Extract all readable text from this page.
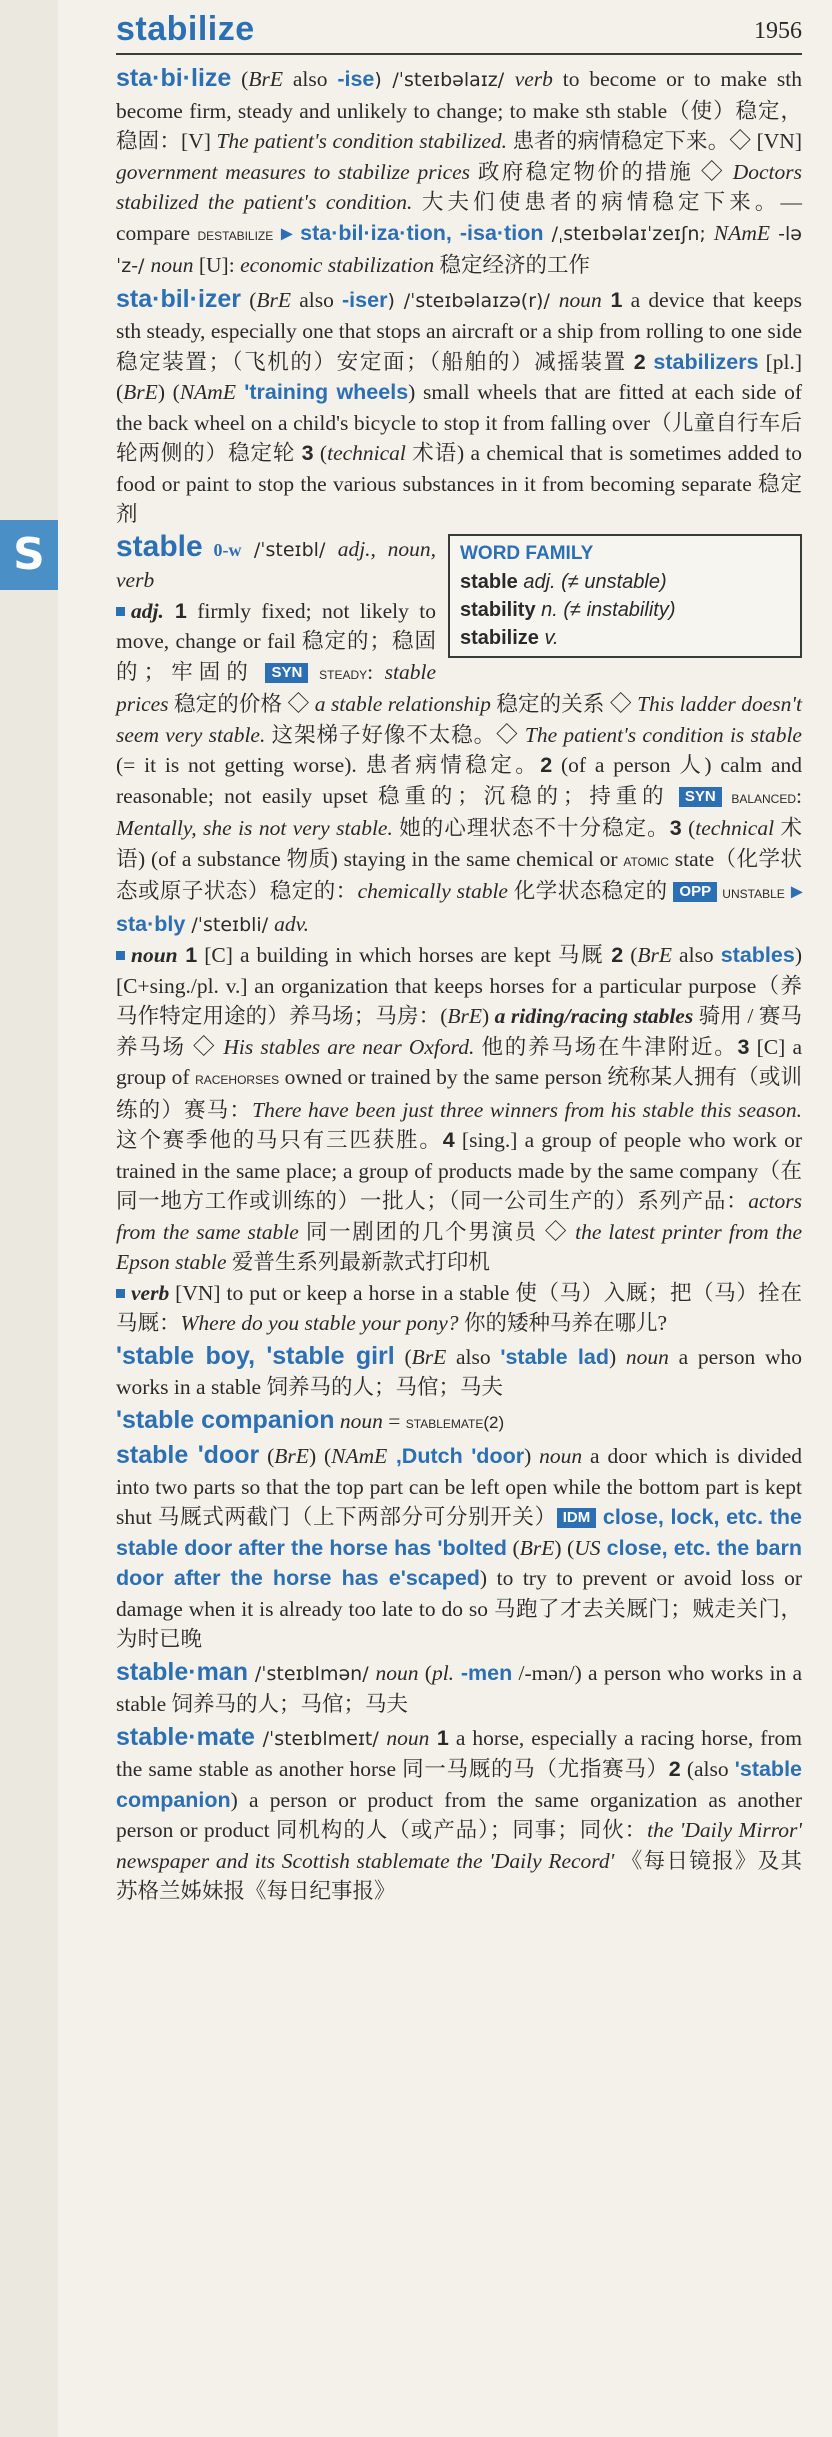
S
stabilize	1956

sta·bi·lize (BrE also -ise) /ˈsteɪbəlaɪz/ verb to become or to make sth become firm, steady and unlikely to change; to make sth stable（使）稳定，稳固：[V] The patient's condition stabilized. 患者的病情稳定下来。◇ [VN] government measures to stabilize prices 政府稳定物价的措施 ◇ Doctors stabilized the patient's condition. 大夫们使患者的病情稳定下来。— compare destabilize ▸ sta·bil·iza·tion, -isa·tion /ˌsteɪbəlaɪˈzeɪʃn; NAmE -ləˈz-/ noun [U]: economic stabilization 稳定经济的工作

sta·bil·izer (BrE also -iser) /ˈsteɪbəlaɪzə(r)/ noun 1 a device that keeps sth steady, especially one that stops an aircraft or a ship from rolling to one side 稳定装置；（飞机的）安定面；（船舶的）减摇装置 2 stabilizers [pl.] (BrE) (NAmE 'training wheels) small wheels that are fitted at each side of the back wheel on a child's bicycle to stop it from falling over（儿童自行车后轮两侧的）稳定轮 3 (technical 术语) a chemical that is sometimes added to food or paint to stop the various substances in it from becoming separate 稳定剂

WORD FAMILY
stable adj. (≠ unstable)
stability n. (≠ instability)
stabilize v.
stable 0-w /ˈsteɪbl/ adj., noun, verb
adj. 1 firmly fixed; not likely to move, change or fail 稳定的；稳固的；牢固的 SYN steady: stable prices 稳定的价格 ◇ a stable relationship 稳定的关系 ◇ This ladder doesn't seem very stable. 这架梯子好像不太稳。◇ The patient's condition is stable (= it is not getting worse). 患者病情稳定。2 (of a person 人) calm and reasonable; not easily upset 稳重的；沉稳的；持重的 SYN balanced: Mentally, she is not very stable. 她的心理状态不十分稳定。3 (technical 术语) (of a substance 物质) staying in the same chemical or atomic state（化学状态或原子状态）稳定的：chemically stable 化学状态稳定的 OPP unstable ▸ sta·bly /ˈsteɪbli/ adv.
noun 1 [C] a building in which horses are kept 马厩 2 (BrE also stables) [C+sing./pl. v.] an organization that keeps horses for a particular purpose（养马作特定用途的）养马场；马房：(BrE) a riding/racing stables 骑用 / 赛马养马场 ◇ His stables are near Oxford. 他的养马场在牛津附近。3 [C] a group of racehorses owned or trained by the same person 统称某人拥有（或训练的）赛马：There have been just three winners from his stable this season. 这个赛季他的马只有三匹获胜。4 [sing.] a group of people who work or trained in the same place; a group of products made by the same company（在同一地方工作或训练的）一批人；（同一公司生产的）系列产品：actors from the same stable 同一剧团的几个男演员 ◇ the latest printer from the Epson stable 爱普生系列最新款式打印机
verb [VN] to put or keep a horse in a stable 使（马）入厩；把（马）拴在马厩：Where do you stable your pony? 你的矮种马养在哪儿?

'stable boy, 'stable girl (BrE also 'stable lad) noun a person who works in a stable 饲养马的人；马倌；马夫

'stable companion noun = stablemate(2)

stable 'door (BrE) (NAmE ,Dutch 'door) noun a door which is divided into two parts so that the top part can be left open while the bottom part is kept shut 马厩式两截门（上下两部分可分别开关） IDM close, lock, etc. the stable door after the horse has 'bolted (BrE) (US close, etc. the barn door after the horse has e'scaped) to try to prevent or avoid loss or damage when it is already too late to do so 马跑了才去关厩门；贼走关门，为时已晚

stable·man /ˈsteɪblmən/ noun (pl. -men /-mən/) a person who works in a stable 饲养马的人；马倌；马夫

stable·mate /ˈsteɪblmeɪt/ noun 1 a horse, especially a racing horse, from the same stable as another horse 同一马厩的马（尤指赛马）2 (also 'stable companion) a person or product from the same organization as another person or product 同机构的人（或产品）；同事；同伙：the 'Daily Mirror' newspaper and its Scottish stablemate the 'Daily Record' 《每日镜报》及其苏格兰姊妹报《每日纪事报》
